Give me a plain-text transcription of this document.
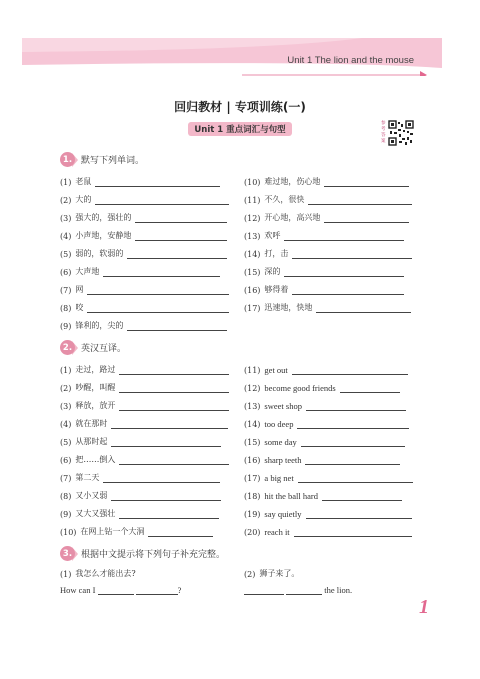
Unit 1 The lion and the mouse
回归教材 | 专项训练(一)
Unit 1 重点词汇与句型
参考答案
1. 默写下列单词。
(1) 老鼠
(2) 大的
(3) 强大的，强壮的
(4) 小声地，安静地
(5) 弱的，软弱的
(6) 大声地
(7) 网
(8) 咬
(9) 锋利的，尖的
(10) 难过地，伤心地
(11) 不久，很快
(12) 开心地，高兴地
(13) 欢呼
(14) 打，击
(15) 深的
(16) 够得着
(17) 迅速地，快地
2. 英汉互译。
(1) 走过，路过
(2) 吵醒，叫醒
(3) 释放，放开
(4) 就在那时
(5) 从那时起
(6) 把……倒入
(7) 第二天
(8) 又小又弱
(9) 又大又强壮
(10) 在网上钻一个大洞
(11) get out
(12) become good friends
(13) sweet shop
(14) too deep
(15) some day
(16) sharp teeth
(17) a big net
(18) hit the ball hard
(19) say quietly
(20) reach it
3. 根据中文提示将下列句子补充完整。
(1) 我怎么才能出去?	(2) 狮子来了。
How can I	?	the lion.
1
